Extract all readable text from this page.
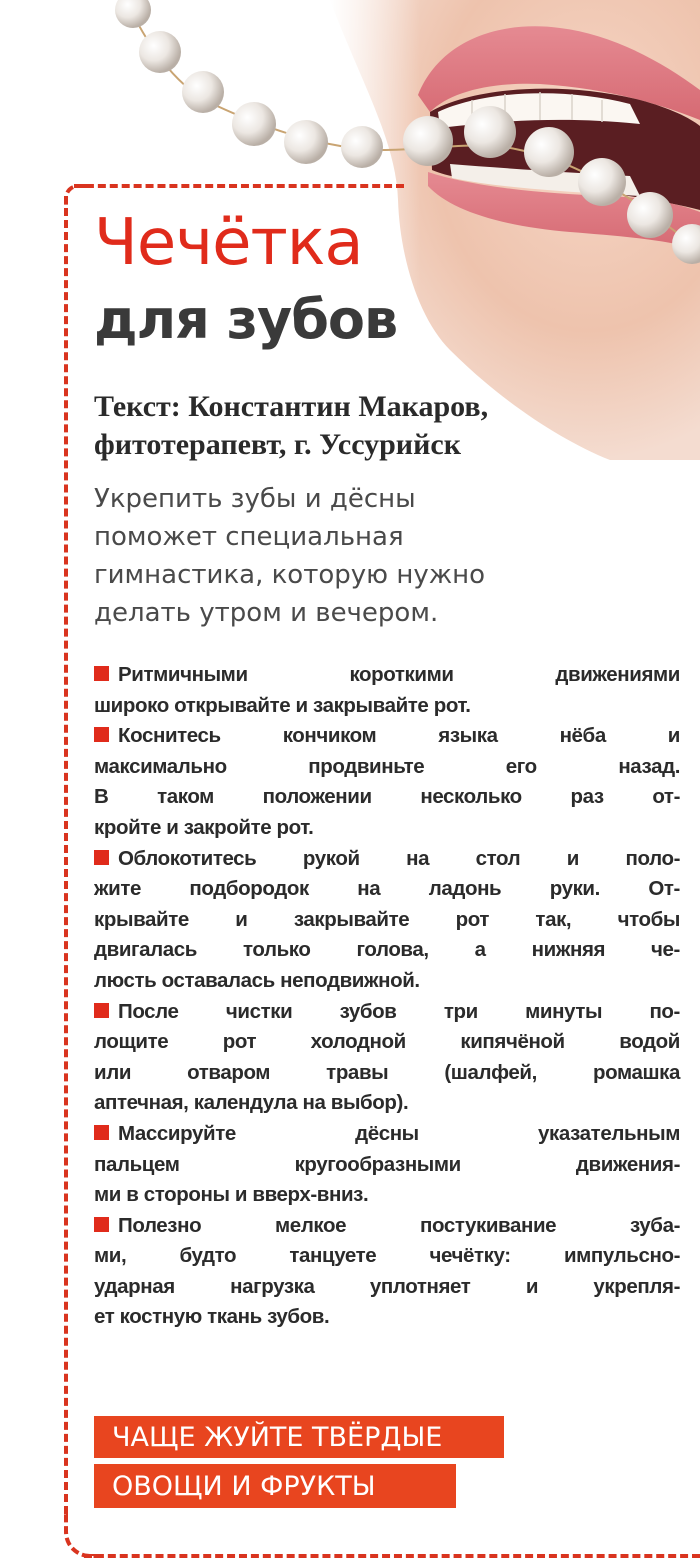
Чечётка
для зубов
Текст: Константин Макаров,
фитотерапевт, г. Уссурийск
Укрепить зубы и дёсны
поможет специальная
гимнастика, которую нужно
делать утром и вечером.
Ритмичными короткими движениями
широко открывайте и закрывайте рот.
Коснитесь кончиком языка нёба и
максимально продвиньте его назад.
В таком положении несколько раз от-
кройте и закройте рот.
Облокотитесь рукой на стол и поло-
жите подбородок на ладонь руки. От-
крывайте и закрывайте рот так, чтобы
двигалась только голова, а нижняя че-
люсть оставалась неподвижной.
После чистки зубов три минуты по-
лощите рот холодной кипячёной водой
или отваром травы (шалфей, ромашка
аптечная, календула на выбор).
Массируйте дёсны указательным
пальцем кругообразными движения-
ми в стороны и вверх-вниз.
Полезно мелкое постукивание зуба-
ми, будто танцуете чечётку: импульсно-
ударная нагрузка уплотняет и укрепля-
ет костную ткань зубов.
ЧАЩЕ ЖУЙТЕ ТВЁРДЫЕ
ОВОЩИ И ФРУКТЫ
